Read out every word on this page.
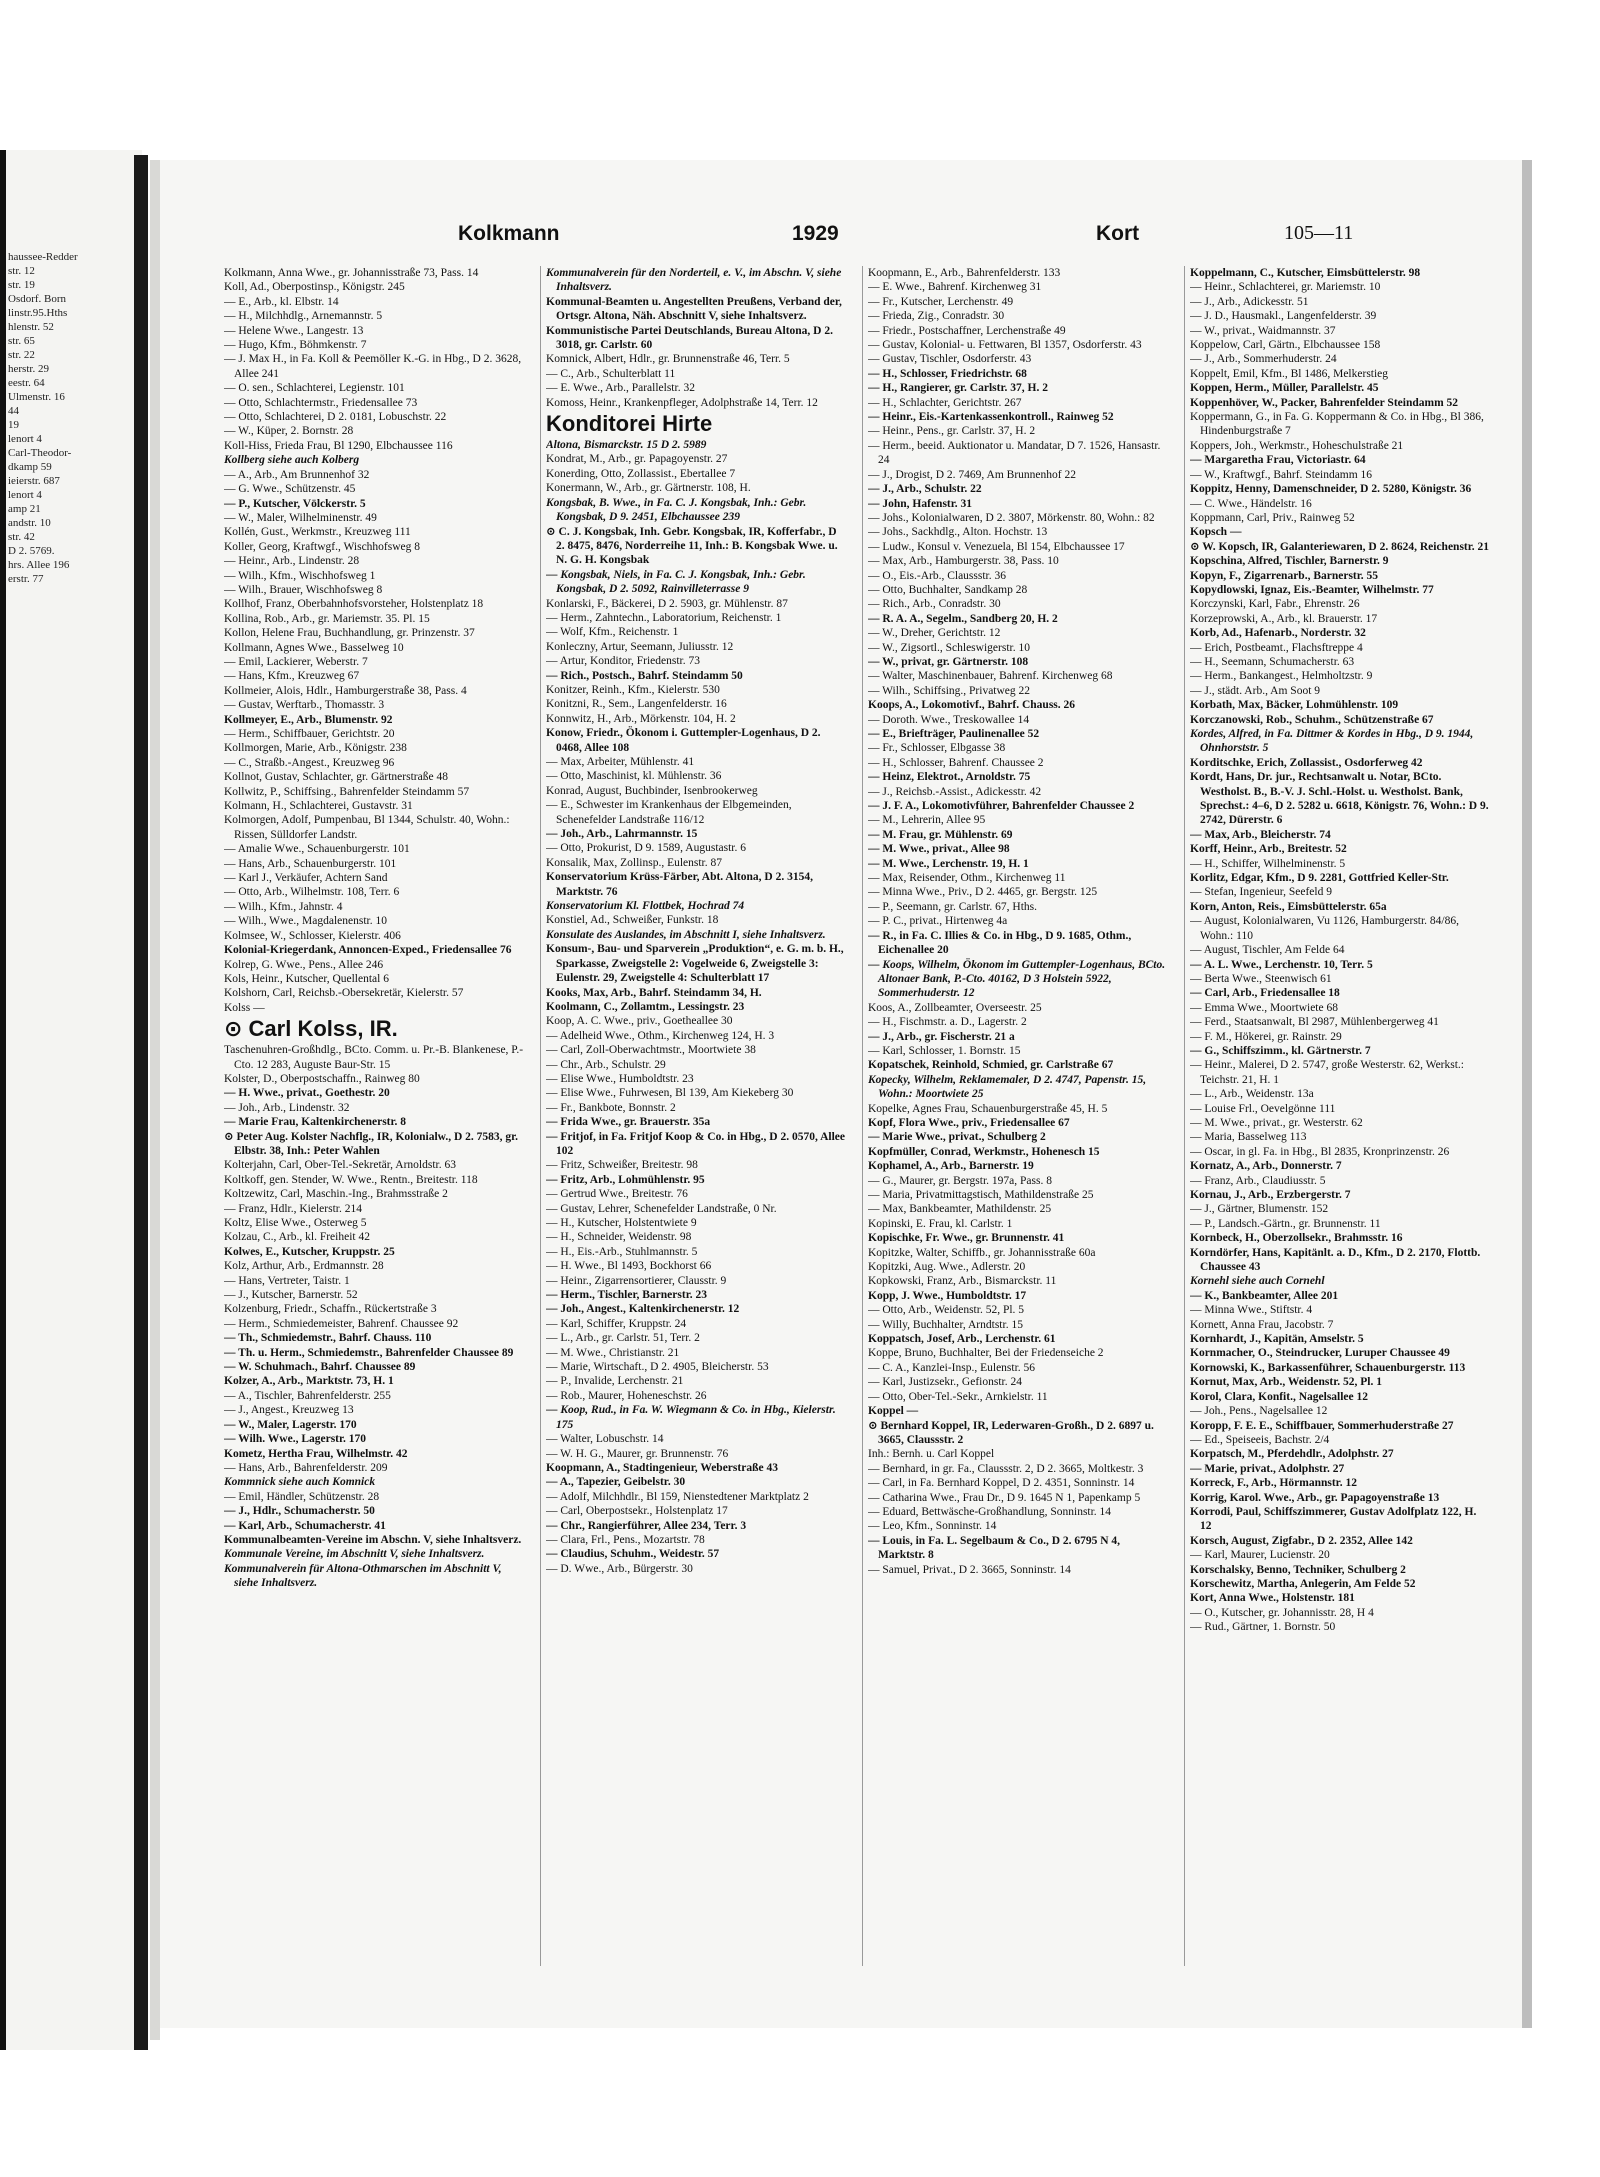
haussee-Redder
str. 12
str. 19
Osdorf. Born
linstr.95.Hths
hlenstr. 52
str. 65
str. 22
herstr. 29
eestr. 64
Ulmenstr. 16
44
19
lenort 4
Carl-Theodor-
dkamp 59
ieierstr. 687
lenort 4
amp 21
andstr. 10
str. 42
D 2. 5769.
hrs. Allee 196
erstr. 77
Kolkmann	1929	Kort	105—11

Kolkmann, Anna Wwe., gr. Johannisstraße 73, Pass. 14

Koll, Ad., Oberpostinsp., Königstr. 245

— E., Arb., kl. Elbstr. 14

— H., Milchhdlg., Arnemannstr. 5

— Helene Wwe., Langestr. 13

— Hugo, Kfm., Böhmkenstr. 7

— J. Max H., in Fa. Koll & Peemöller K.-G. in Hbg., D 2. 3628, Allee 241

— O. sen., Schlachterei, Legienstr. 101

— Otto, Schlachtermstr., Friedensallee 73

— Otto, Schlachterei, D 2. 0181, Lobuschstr. 22

— W., Küper, 2. Bornstr. 28

Koll-Hiss, Frieda Frau, Bl 1290, Elbchaussee 116

Kollberg siehe auch Kolberg

— A., Arb., Am Brunnenhof 32

— G. Wwe., Schützenstr. 45

— P., Kutscher, Völckerstr. 5

— W., Maler, Wilhelminenstr. 49

Kollén, Gust., Werkmstr., Kreuzweg 111

Koller, Georg, Kraftwgf., Wischhofsweg 8

— Heinr., Arb., Lindenstr. 28

— Wilh., Kfm., Wischhofsweg 1

— Wilh., Brauer, Wischhofsweg 8

Kollhof, Franz, Oberbahnhofsvorsteher, Holstenplatz 18

Kollina, Rob., Arb., gr. Mariemstr. 35. Pl. 15

Kollon, Helene Frau, Buchhandlung, gr. Prinzenstr. 37

Kollmann, Agnes Wwe., Basselweg 10

— Emil, Lackierer, Weberstr. 7

— Hans, Kfm., Kreuzweg 67

Kollmeier, Alois, Hdlr., Hamburgerstraße 38, Pass. 4

— Gustav, Werftarb., Thomasstr. 3

Kollmeyer, E., Arb., Blumenstr. 92

— Herm., Schiffbauer, Gerichtstr. 20

Kollmorgen, Marie, Arb., Königstr. 238

— C., Straßb.-Angest., Kreuzweg 96

Kollnot, Gustav, Schlachter, gr. Gärtnerstraße 48

Kollwitz, P., Schiffsing., Bahrenfelder Steindamm 57

Kolmann, H., Schlachterei, Gustavstr. 31

Kolmorgen, Adolf, Pumpenbau, Bl 1344, Schulstr. 40, Wohn.: Rissen, Sülldorfer Landstr.

— Amalie Wwe., Schauenburgerstr. 101

— Hans, Arb., Schauenburgerstr. 101

— Karl J., Verkäufer, Achtern Sand

— Otto, Arb., Wilhelmstr. 108, Terr. 6

— Wilh., Kfm., Jahnstr. 4

— Wilh., Wwe., Magdalenenstr. 10

Kolmsee, W., Schlosser, Kielerstr. 406

Kolonial-Kriegerdank, Annoncen-Exped., Friedensallee 76

Kolrep, G. Wwe., Pens., Allee 246

Kols, Heinr., Kutscher, Quellental 6

Kolshorn, Carl, Reichsb.-Obersekretär, Kielerstr. 57

Kolss —

⊙ Carl Kolss, IR.

Taschenuhren-Großhdlg., BCto. Comm. u. Pr.-B. Blankenese, P.-Cto. 12 283, Auguste Baur-Str. 15

Kolster, D., Oberpostschaffn., Rainweg 80

— H. Wwe., privat., Goethestr. 20

— Joh., Arb., Lindenstr. 32

— Marie Frau, Kaltenkirchenerstr. 8

⊙ Peter Aug. Kolster Nachflg., IR, Kolonialw., D 2. 7583, gr. Elbstr. 38, Inh.: Peter Wahlen

Kolterjahn, Carl, Ober-Tel.-Sekretär, Arnoldstr. 63

Koltkoff, gen. Stender, W. Wwe., Rentn., Breitestr. 118

Koltzewitz, Carl, Maschin.-Ing., Brahmsstraße 2

— Franz, Hdlr., Kielerstr. 214

Koltz, Elise Wwe., Osterweg 5

Kolzau, C., Arb., kl. Freiheit 42

Kolwes, E., Kutscher, Kruppstr. 25

Kolz, Arthur, Arb., Erdmannstr. 28

— Hans, Vertreter, Taistr. 1

— J., Kutscher, Barnerstr. 52

Kolzenburg, Friedr., Schaffn., Rückertstraße 3

— Herm., Schmiedemeister, Bahrenf. Chaussee 92

— Th., Schmiedemstr., Bahrf. Chauss. 110

— Th. u. Herm., Schmiedemstr., Bahrenfelder Chaussee 89

— W. Schuhmach., Bahrf. Chaussee 89

Kolzer, A., Arb., Marktstr. 73, H. 1

— A., Tischler, Bahrenfelderstr. 255

— J., Angest., Kreuzweg 13

— W., Maler, Lagerstr. 170

— Wilh. Wwe., Lagerstr. 170

Kometz, Hertha Frau, Wilhelmstr. 42

— Hans, Arb., Bahrenfelderstr. 209

Kommnick siehe auch Komnick

— Emil, Händler, Schützenstr. 28

— J., Hdlr., Schumacherstr. 50

— Karl, Arb., Schumacherstr. 41

Kommunalbeamten-Vereine im Abschn. V, siehe Inhaltsverz.

Kommunale Vereine, im Abschnitt V, siehe Inhaltsverz.

Kommunalverein für Altona-Othmarschen im Abschnitt V, siehe Inhaltsverz.

Kommunalverein für den Norderteil, e. V., im Abschn. V, siehe Inhaltsverz.

Kommunal-Beamten u. Angestellten Preußens, Verband der, Ortsgr. Altona, Näh. Abschnitt V, siehe Inhaltsverz.

Kommunistische Partei Deutschlands, Bureau Altona, D 2. 3018, gr. Carlstr. 60

Komnick, Albert, Hdlr., gr. Brunnenstraße 46, Terr. 5

— C., Arb., Schulterblatt 11

— E. Wwe., Arb., Parallelstr. 32

Komoss, Heinr., Krankenpfleger, Adolphstraße 14, Terr. 12

Konditorei Hirte

Altona, Bismarckstr. 15 D 2. 5989

Kondrat, M., Arb., gr. Papagoyenstr. 27

Konerding, Otto, Zollassist., Ebertallee 7

Konermann, W., Arb., gr. Gärtnerstr. 108, H.

Kongsbak, B. Wwe., in Fa. C. J. Kongsbak, Inh.: Gebr. Kongsbak, D 9. 2451, Elbchaussee 239

⊙ C. J. Kongsbak, Inh. Gebr. Kongsbak, IR, Kofferfabr., D 2. 8475, 8476, Norderreihe 11, Inh.: B. Kongsbak Wwe. u. N. G. H. Kongsbak

— Kongsbak, Niels, in Fa. C. J. Kongsbak, Inh.: Gebr. Kongsbak, D 2. 5092, Rainvilleterrasse 9

Konlarski, F., Bäckerei, D 2. 5903, gr. Mühlenstr. 87

— Herm., Zahntechn., Laboratorium, Reichenstr. 1

— Wolf, Kfm., Reichenstr. 1

Konleczny, Artur, Seemann, Juliusstr. 12

— Artur, Konditor, Friedenstr. 73

— Rich., Postsch., Bahrf. Steindamm 50

Konitzer, Reinh., Kfm., Kielerstr. 530

Konitzni, R., Sem., Langenfelderstr. 16

Konnwitz, H., Arb., Mörkenstr. 104, H. 2

Konow, Friedr., Ökonom i. Guttempler-Logenhaus, D 2. 0468, Allee 108

— Max, Arbeiter, Mühlenstr. 41

— Otto, Maschinist, kl. Mühlenstr. 36

Konrad, August, Buchbinder, Isenbrookerweg

— E., Schwester im Krankenhaus der Elbgemeinden, Schenefelder Landstraße 116/12

— Joh., Arb., Lahrmannstr. 15

— Otto, Prokurist, D 9. 1589, Augustastr. 6

Konsalik, Max, Zollinsp., Eulenstr. 87

Konservatorium Krüss-Färber, Abt. Altona, D 2. 3154, Marktstr. 76

Konservatorium Kl. Flottbek, Hochrad 74

Konstiel, Ad., Schweißer, Funkstr. 18

Konsulate des Auslandes, im Abschnitt I, siehe Inhaltsverz.

Konsum-, Bau- und Sparverein „Produktion“, e. G. m. b. H., Sparkasse, Zweigstelle 2: Vogelweide 6, Zweigstelle 3: Eulenstr. 29, Zweigstelle 4: Schulterblatt 17

Kooks, Max, Arb., Bahrf. Steindamm 34, H.

Koolmann, C., Zollamtm., Lessingstr. 23

Koop, A. C. Wwe., priv., Goetheallee 30

— Adelheid Wwe., Othm., Kirchenweg 124, H. 3

— Carl, Zoll-Oberwachtmstr., Moortwiete 38

— Chr., Arb., Schulstr. 29

— Elise Wwe., Humboldtstr. 23

— Elise Wwe., Fuhrwesen, Bl 139, Am Kiekeberg 30

— Fr., Bankbote, Bonnstr. 2

— Frida Wwe., gr. Brauerstr. 35a

— Fritjof, in Fa. Fritjof Koop & Co. in Hbg., D 2. 0570, Allee 102

— Fritz, Schweißer, Breitestr. 98

— Fritz, Arb., Lohmühlenstr. 95

— Gertrud Wwe., Breitestr. 76

— Gustav, Lehrer, Schenefelder Landstraße, 0 Nr.

— H., Kutscher, Holstentwiete 9

— H., Schneider, Weidenstr. 98

— H., Eis.-Arb., Stuhlmannstr. 5

— H. Wwe., Bl 1493, Bockhorst 66

— Heinr., Zigarrensortierer, Clausstr. 9

— Herm., Tischler, Barnerstr. 23

— Joh., Angest., Kaltenkirchenerstr. 12

— Karl, Schiffer, Kruppstr. 24

— L., Arb., gr. Carlstr. 51, Terr. 2

— M. Wwe., Christianstr. 21

— Marie, Wirtschaft., D 2. 4905, Bleicherstr. 53

— P., Invalide, Lerchenstr. 21

— Rob., Maurer, Hoheneschstr. 26

— Koop, Rud., in Fa. W. Wiegmann & Co. in Hbg., Kielerstr. 175

— Walter, Lobuschstr. 14

— W. H. G., Maurer, gr. Brunnenstr. 76

Koopmann, A., Stadtingenieur, Weberstraße 43

— A., Tapezier, Geibelstr. 30

— Adolf, Milchhdlr., Bl 159, Nienstedtener Marktplatz 2

— Carl, Oberpostsekr., Holstenplatz 17

— Chr., Rangierführer, Allee 234, Terr. 3

— Clara, Frl., Pens., Mozartstr. 78

— Claudius, Schuhm., Weidestr. 57

— D. Wwe., Arb., Bürgerstr. 30

Koopmann, E., Arb., Bahrenfelderstr. 133

— E. Wwe., Bahrenf. Kirchenweg 31

— Fr., Kutscher, Lerchenstr. 49

— Frieda, Zig., Conradstr. 30

— Friedr., Postschaffner, Lerchenstraße 49

— Gustav, Kolonial- u. Fettwaren, Bl 1357, Osdorferstr. 43

— Gustav, Tischler, Osdorferstr. 43

— H., Schlosser, Friedrichstr. 68

— H., Rangierer, gr. Carlstr. 37, H. 2

— H., Schlachter, Gerichtstr. 267

— Heinr., Eis.-Kartenkassenkontroll., Rainweg 52

— Heinr., Pens., gr. Carlstr. 37, H. 2

— Herm., beeid. Auktionator u. Mandatar, D 7. 1526, Hansastr. 24

— J., Drogist, D 2. 7469, Am Brunnenhof 22

— J., Arb., Schulstr. 22

— John, Hafenstr. 31

— Johs., Kolonialwaren, D 2. 3807, Mörkenstr. 80, Wohn.: 82

— Johs., Sackhdlg., Alton. Hochstr. 13

— Ludw., Konsul v. Venezuela, Bl 154, Elbchaussee 17

— Max, Arb., Hamburgerstr. 38, Pass. 10

— O., Eis.-Arb., Claussstr. 36

— Otto, Buchhalter, Sandkamp 28

— Rich., Arb., Conradstr. 30

— R. A. A., Segelm., Sandberg 20, H. 2

— W., Dreher, Gerichtstr. 12

— W., Zigsortl., Schleswigerstr. 10

— W., privat, gr. Gärtnerstr. 108

— Walter, Maschinenbauer, Bahrenf. Kirchenweg 68

— Wilh., Schiffsing., Privatweg 22

Koops, A., Lokomotivf., Bahrf. Chauss. 26

— Doroth. Wwe., Treskowallee 14

— E., Briefträger, Paulinenallee 52

— Fr., Schlosser, Elbgasse 38

— H., Schlosser, Bahrenf. Chaussee 2

— Heinz, Elektrot., Arnoldstr. 75

— J., Reichsb.-Assist., Adickesstr. 42

— J. F. A., Lokomotivführer, Bahrenfelder Chaussee 2

— M., Lehrerin, Allee 95

— M. Frau, gr. Mühlenstr. 69

— M. Wwe., privat., Allee 98

— M. Wwe., Lerchenstr. 19, H. 1

— Max, Reisender, Othm., Kirchenweg 11

— Minna Wwe., Priv., D 2. 4465, gr. Bergstr. 125

— P., Seemann, gr. Carlstr. 67, Hths.

— P. C., privat., Hirtenweg 4a

— R., in Fa. C. Illies & Co. in Hbg., D 9. 1685, Othm., Eichenallee 20

— Koops, Wilhelm, Ökonom im Guttempler-Logenhaus, BCto. Altonaer Bank, P.-Cto. 40162, D 3 Holstein 5922, Sommerhuderstr. 12

Koos, A., Zollbeamter, Overseestr. 25

— H., Fischmstr. a. D., Lagerstr. 2

— J., Arb., gr. Fischerstr. 21 a

— Karl, Schlosser, 1. Bornstr. 15

Kopatschek, Reinhold, Schmied, gr. Carlstraße 67

Kopecky, Wilhelm, Reklamemaler, D 2. 4747, Papenstr. 15, Wohn.: Moortwiete 25

Kopelke, Agnes Frau, Schauenburgerstraße 45, H. 5

Kopf, Flora Wwe., priv., Friedensallee 67

— Marie Wwe., privat., Schulberg 2

Kopfmüller, Conrad, Werkmstr., Hohenesch 15

Kophamel, A., Arb., Barnerstr. 19

— G., Maurer, gr. Bergstr. 197a, Pass. 8

— Maria, Privatmittagstisch, Mathildenstraße 25

— Max, Bankbeamter, Mathildenstr. 25

Kopinski, E. Frau, kl. Carlstr. 1

Kopischke, Fr. Wwe., gr. Brunnenstr. 41

Kopitzke, Walter, Schiffb., gr. Johannisstraße 60a

Kopitzki, Aug. Wwe., Adlerstr. 20

Kopkowski, Franz, Arb., Bismarckstr. 11

Kopp, J. Wwe., Humboldtstr. 17

— Otto, Arb., Weidenstr. 52, Pl. 5

— Willy, Buchhalter, Arndtstr. 15

Koppatsch, Josef, Arb., Lerchenstr. 61

Koppe, Bruno, Buchhalter, Bei der Friedenseiche 2

— C. A., Kanzlei-Insp., Eulenstr. 56

— Karl, Justizsekr., Gefionstr. 24

— Otto, Ober-Tel.-Sekr., Arnkielstr. 11

Koppel —

⊙ Bernhard Koppel, IR, Lederwaren-Großh., D 2. 6897 u. 3665, Claussstr. 2

Inh.: Bernh. u. Carl Koppel

— Bernhard, in gr. Fa., Claussstr. 2, D 2. 3665, Moltkestr. 3

— Carl, in Fa. Bernhard Koppel, D 2. 4351, Sonninstr. 14

— Catharina Wwe., Frau Dr., D 9. 1645 N 1, Papenkamp 5

— Eduard, Bettwäsche-Großhandlung, Sonninstr. 14

— Leo, Kfm., Sonninstr. 14

— Louis, in Fa. L. Segelbaum & Co., D 2. 6795 N 4, Marktstr. 8

— Samuel, Privat., D 2. 3665, Sonninstr. 14

Koppelmann, C., Kutscher, Eimsbüttelerstr. 98

— Heinr., Schlachterei, gr. Mariemstr. 10

— J., Arb., Adickesstr. 51

— J. D., Hausmakl., Langenfelderstr. 39

— W., privat., Waidmannstr. 37

Koppelow, Carl, Gärtn., Elbchaussee 158

— J., Arb., Sommerhuderstr. 24

Koppelt, Emil, Kfm., Bl 1486, Melkerstieg

Koppen, Herm., Müller, Parallelstr. 45

Koppenhöver, W., Packer, Bahrenfelder Steindamm 52

Koppermann, G., in Fa. G. Koppermann & Co. in Hbg., Bl 386, Hindenburgstraße 7

Koppers, Joh., Werkmstr., Hoheschulstraße 21

— Margaretha Frau, Victoriastr. 64

— W., Kraftwgf., Bahrf. Steindamm 16

Koppitz, Henny, Damenschneider, D 2. 5280, Königstr. 36

— C. Wwe., Händelstr. 16

Koppmann, Carl, Priv., Rainweg 52

Kopsch —

⊙ W. Kopsch, IR, Galanteriewaren, D 2. 8624, Reichenstr. 21

Kopschina, Alfred, Tischler, Barnerstr. 9

Kopyn, F., Zigarrenarb., Barnerstr. 55

Kopydlowski, Ignaz, Eis.-Beamter, Wilhelmstr. 77

Korczynski, Karl, Fabr., Ehrenstr. 26

Korzeprowski, A., Arb., kl. Brauerstr. 17

Korb, Ad., Hafenarb., Norderstr. 32

— Erich, Postbeamt., Flachsftreppe 4

— H., Seemann, Schumacherstr. 63

— Herm., Bankangest., Helmholtzstr. 9

— J., städt. Arb., Am Soot 9

Korbath, Max, Bäcker, Lohmühlenstr. 109

Korczanowski, Rob., Schuhm., Schützenstraße 67

Kordes, Alfred, in Fa. Dittmer & Kordes in Hbg., D 9. 1944, Ohnhorststr. 5

Korditschke, Erich, Zollassist., Osdorferweg 42

Kordt, Hans, Dr. jur., Rechtsanwalt u. Notar, BCto. Westholst. B., B.-V. J. Schl.-Holst. u. Westholst. Bank, Sprechst.: 4–6, D 2. 5282 u. 6618, Königstr. 76, Wohn.: D 9. 2742, Dürerstr. 6

— Max, Arb., Bleicherstr. 74

Korff, Heinr., Arb., Breitestr. 52

— H., Schiffer, Wilhelminenstr. 5

Korlitz, Edgar, Kfm., D 9. 2281, Gottfried Keller-Str.

— Stefan, Ingenieur, Seefeld 9

Korn, Anton, Reis., Eimsbüttelerstr. 65a

— August, Kolonialwaren, Vu 1126, Hamburgerstr. 84/86, Wohn.: 110

— August, Tischler, Am Felde 64

— A. L. Wwe., Lerchenstr. 10, Terr. 5

— Berta Wwe., Steenwisch 61

— Carl, Arb., Friedensallee 18

— Emma Wwe., Moortwiete 68

— Ferd., Staatsanwalt, Bl 2987, Mühlenbergerweg 41

— F. M., Hökerei, gr. Rainstr. 29

— G., Schiffszimm., kl. Gärtnerstr. 7

— Heinr., Malerei, D 2. 5747, große Westerstr. 62, Werkst.: Teichstr. 21, H. 1

— L., Arb., Weidenstr. 13a

— Louise Frl., Oevelgönne 111

— M. Wwe., privat., gr. Westerstr. 62

— Maria, Basselweg 113

— Oscar, in gl. Fa. in Hbg., Bl 2835, Kronprinzenstr. 26

Kornatz, A., Arb., Donnerstr. 7

— Franz, Arb., Claudiusstr. 5

Kornau, J., Arb., Erzbergerstr. 7

— J., Gärtner, Blumenstr. 152

— P., Landsch.-Gärtn., gr. Brunnenstr. 11

Kornbeck, H., Oberzollsekr., Brahmsstr. 16

Korndörfer, Hans, Kapitänlt. a. D., Kfm., D 2. 2170, Flottb. Chaussee 43

Kornehl siehe auch Cornehl

— K., Bankbeamter, Allee 201

— Minna Wwe., Stiftstr. 4

Kornett, Anna Frau, Jacobstr. 7

Kornhardt, J., Kapitän, Amselstr. 5

Kornmacher, O., Steindrucker, Luruper Chaussee 49

Kornowski, K., Barkassenführer, Schauenburgerstr. 113

Kornut, Max, Arb., Weidenstr. 52, Pl. 1

Korol, Clara, Konfit., Nagelsallee 12

— Joh., Pens., Nagelsallee 12

Koropp, F. E. E., Schiffbauer, Sommerhuderstraße 27

— Ed., Speiseeis, Bachstr. 2/4

Korpatsch, M., Pferdehdlr., Adolphstr. 27

— Marie, privat., Adolphstr. 27

Korreck, F., Arb., Hörmannstr. 12

Korrig, Karol. Wwe., Arb., gr. Papagoyenstraße 13

Korrodi, Paul, Schiffszimmerer, Gustav Adolfplatz 122, H. 12

Korsch, August, Zigfabr., D 2. 2352, Allee 142

— Karl, Maurer, Lucienstr. 20

Korschalsky, Benno, Techniker, Schulberg 2

Korschewitz, Martha, Anlegerin, Am Felde 52

Kort, Anna Wwe., Holstenstr. 181

— O., Kutscher, gr. Johannisstr. 28, H 4

— Rud., Gärtner, 1. Bornstr. 50
